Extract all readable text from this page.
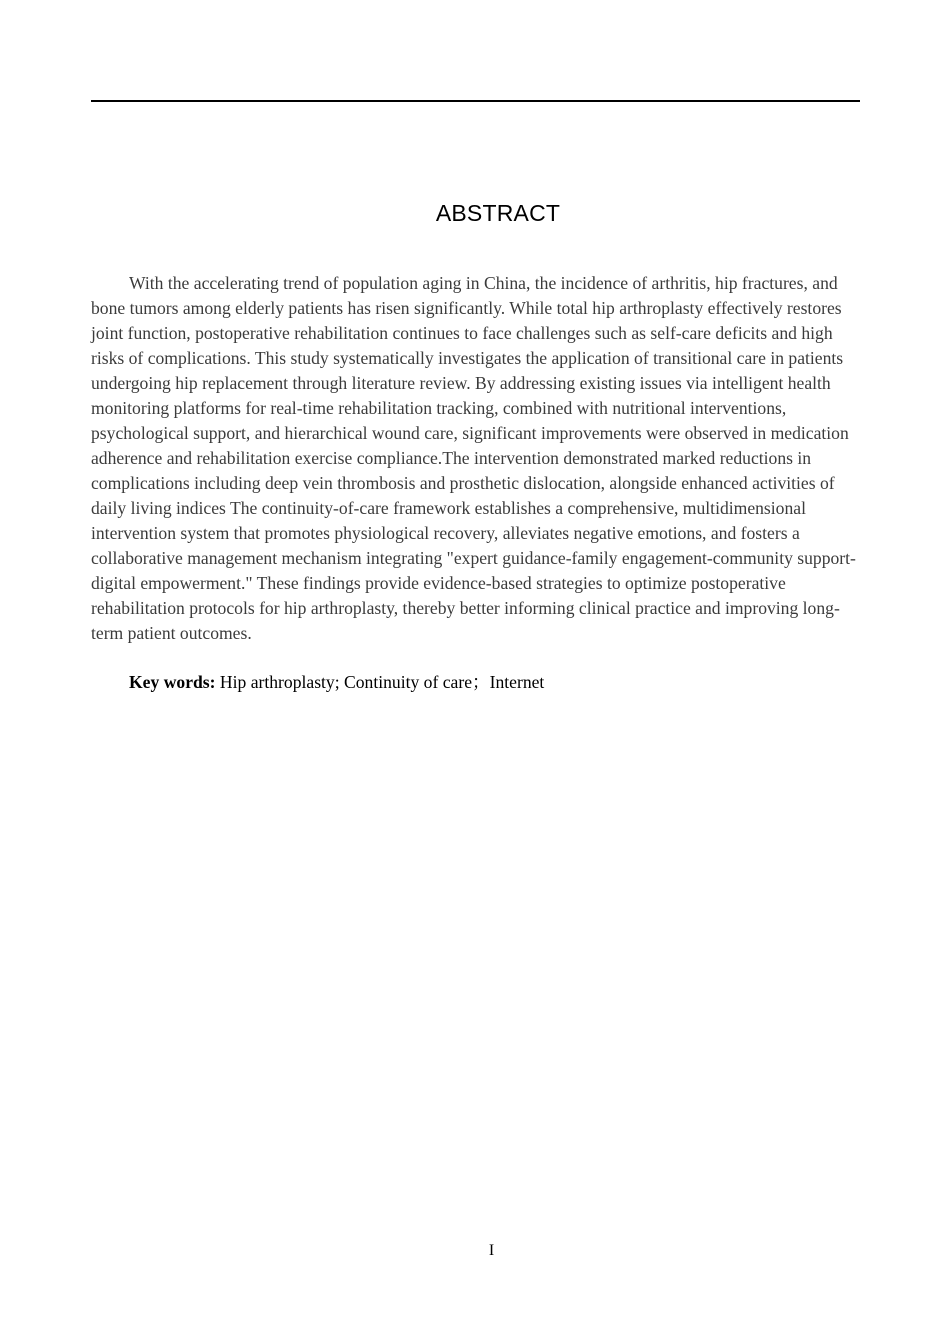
ABSTRACT

With the accelerating trend of population aging in China, the incidence of arthritis, hip fractures, and bone tumors among elderly patients has risen significantly. While total hip arthroplasty effectively restores joint function, postoperative rehabilitation continues to face challenges such as self-care deficits and high risks of complications. This study systematically investigates the application of transitional care in patients undergoing hip replacement through literature review. By addressing existing issues via intelligent health monitoring platforms for real-time rehabilitation tracking, combined with nutritional interventions, psychological support, and hierarchical wound care, significant improvements were observed in medication adherence and rehabilitation exercise compliance.The intervention demonstrated marked reductions in complications including deep vein thrombosis and prosthetic dislocation, alongside enhanced activities of daily living indices The continuity-of-care framework establishes a comprehensive, multidimensional intervention system that promotes physiological recovery, alleviates negative emotions, and fosters a collaborative management mechanism integrating "expert guidance-family engagement-community support-digital empowerment." These findings provide evidence-based strategies to optimize postoperative rehabilitation protocols for hip arthroplasty, thereby better informing clinical practice and improving long-term patient outcomes.

Key words: Hip arthroplasty; Continuity of care；Internet

I
